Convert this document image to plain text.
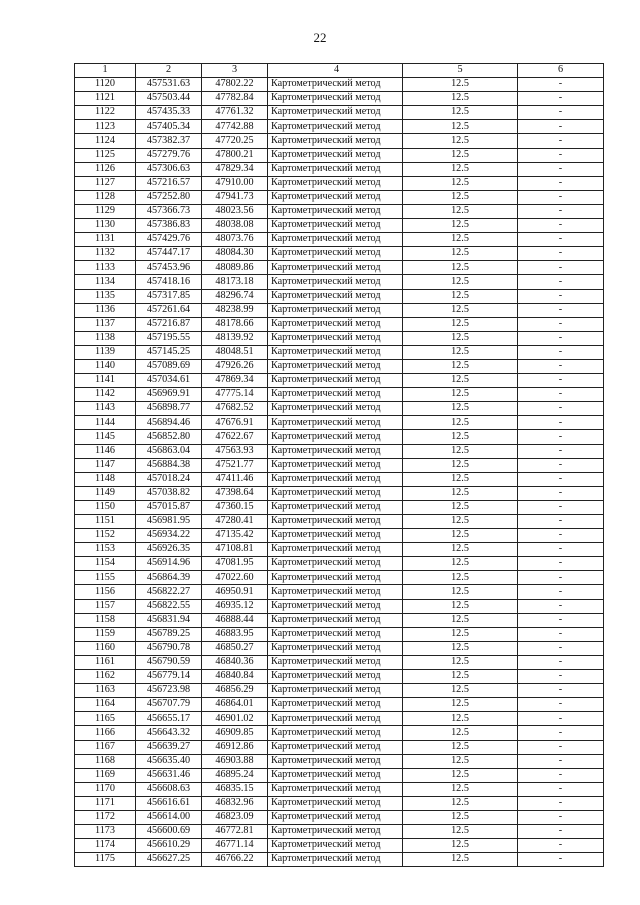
22
1	2	3	4	5	6
1120	457531.63	47802.22	Картометрический метод	12.5	-
1121	457503.44	47782.84	Картометрический метод	12.5	-
1122	457435.33	47761.32	Картометрический метод	12.5	-
1123	457405.34	47742.88	Картометрический метод	12.5	-
1124	457382.37	47720.25	Картометрический метод	12.5	-
1125	457279.76	47800.21	Картометрический метод	12.5	-
1126	457306.63	47829.34	Картометрический метод	12.5	-
1127	457216.57	47910.00	Картометрический метод	12.5	-
1128	457252.80	47941.73	Картометрический метод	12.5	-
1129	457366.73	48023.56	Картометрический метод	12.5	-
1130	457386.83	48038.08	Картометрический метод	12.5	-
1131	457429.76	48073.76	Картометрический метод	12.5	-
1132	457447.17	48084.30	Картометрический метод	12.5	-
1133	457453.96	48089.86	Картометрический метод	12.5	-
1134	457418.16	48173.18	Картометрический метод	12.5	-
1135	457317.85	48296.74	Картометрический метод	12.5	-
1136	457261.64	48238.99	Картометрический метод	12.5	-
1137	457216.87	48178.66	Картометрический метод	12.5	-
1138	457195.55	48139.92	Картометрический метод	12.5	-
1139	457145.25	48048.51	Картометрический метод	12.5	-
1140	457089.69	47926.26	Картометрический метод	12.5	-
1141	457034.61	47869.34	Картометрический метод	12.5	-
1142	456969.91	47775.14	Картометрический метод	12.5	-
1143	456898.77	47682.52	Картометрический метод	12.5	-
1144	456894.46	47676.91	Картометрический метод	12.5	-
1145	456852.80	47622.67	Картометрический метод	12.5	-
1146	456863.04	47563.93	Картометрический метод	12.5	-
1147	456884.38	47521.77	Картометрический метод	12.5	-
1148	457018.24	47411.46	Картометрический метод	12.5	-
1149	457038.82	47398.64	Картометрический метод	12.5	-
1150	457015.87	47360.15	Картометрический метод	12.5	-
1151	456981.95	47280.41	Картометрический метод	12.5	-
1152	456934.22	47135.42	Картометрический метод	12.5	-
1153	456926.35	47108.81	Картометрический метод	12.5	-
1154	456914.96	47081.95	Картометрический метод	12.5	-
1155	456864.39	47022.60	Картометрический метод	12.5	-
1156	456822.27	46950.91	Картометрический метод	12.5	-
1157	456822.55	46935.12	Картометрический метод	12.5	-
1158	456831.94	46888.44	Картометрический метод	12.5	-
1159	456789.25	46883.95	Картометрический метод	12.5	-
1160	456790.78	46850.27	Картометрический метод	12.5	-
1161	456790.59	46840.36	Картометрический метод	12.5	-
1162	456779.14	46840.84	Картометрический метод	12.5	-
1163	456723.98	46856.29	Картометрический метод	12.5	-
1164	456707.79	46864.01	Картометрический метод	12.5	-
1165	456655.17	46901.02	Картометрический метод	12.5	-
1166	456643.32	46909.85	Картометрический метод	12.5	-
1167	456639.27	46912.86	Картометрический метод	12.5	-
1168	456635.40	46903.88	Картометрический метод	12.5	-
1169	456631.46	46895.24	Картометрический метод	12.5	-
1170	456608.63	46835.15	Картометрический метод	12.5	-
1171	456616.61	46832.96	Картометрический метод	12.5	-
1172	456614.00	46823.09	Картометрический метод	12.5	-
1173	456600.69	46772.81	Картометрический метод	12.5	-
1174	456610.29	46771.14	Картометрический метод	12.5	-
1175	456627.25	46766.22	Картометрический метод	12.5	-
